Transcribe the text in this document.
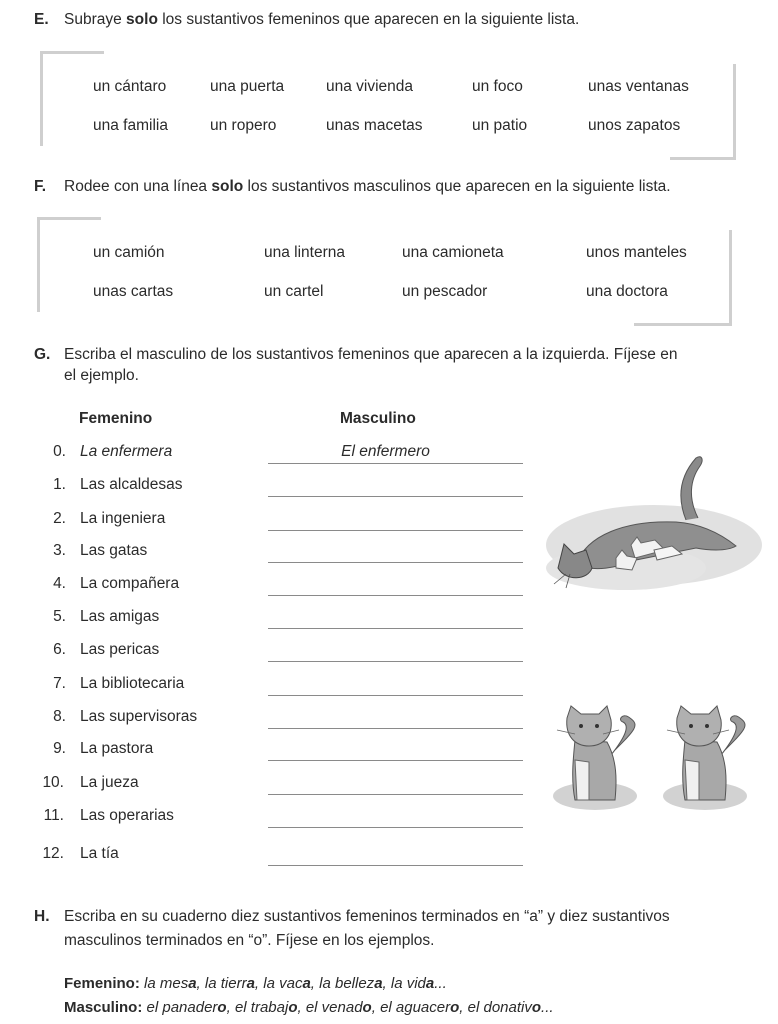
E. Subraye solo los sustantivos femeninos que aparecen en la siguiente lista.
un cántaro	una puerta	una vivienda	un foco	unas ventanas
una familia	un ropero	unas macetas	un patio	unos zapatos
F. Rodee con una línea solo los sustantivos masculinos que aparecen en la siguiente lista.
un camión	una linterna	una camioneta	unos manteles
unas cartas	un cartel	un pescador	una doctora
G. Escriba el masculino de los sustantivos femeninos que aparecen a la izquierda. Fíjese en
el ejemplo.
Femenino	Masculino
0. La enfermera	El enfermero
1. Las alcaldesas
2. La ingeniera
3. Las gatas
4. La compañera
5. Las amigas
6. Las pericas
7. La bibliotecaria
8. Las supervisoras
9. La pastora
10. La jueza
11. Las operarias
12. La tía
H. Escriba en su cuaderno diez sustantivos femeninos terminados en “a” y diez sustantivos
masculinos terminados en “o”. Fíjese en los ejemplos.
Femenino: la mesa, la tierra, la vaca, la belleza, la vida...
Masculino: el panadero, el trabajo, el venado, el aguacero, el donativo...
